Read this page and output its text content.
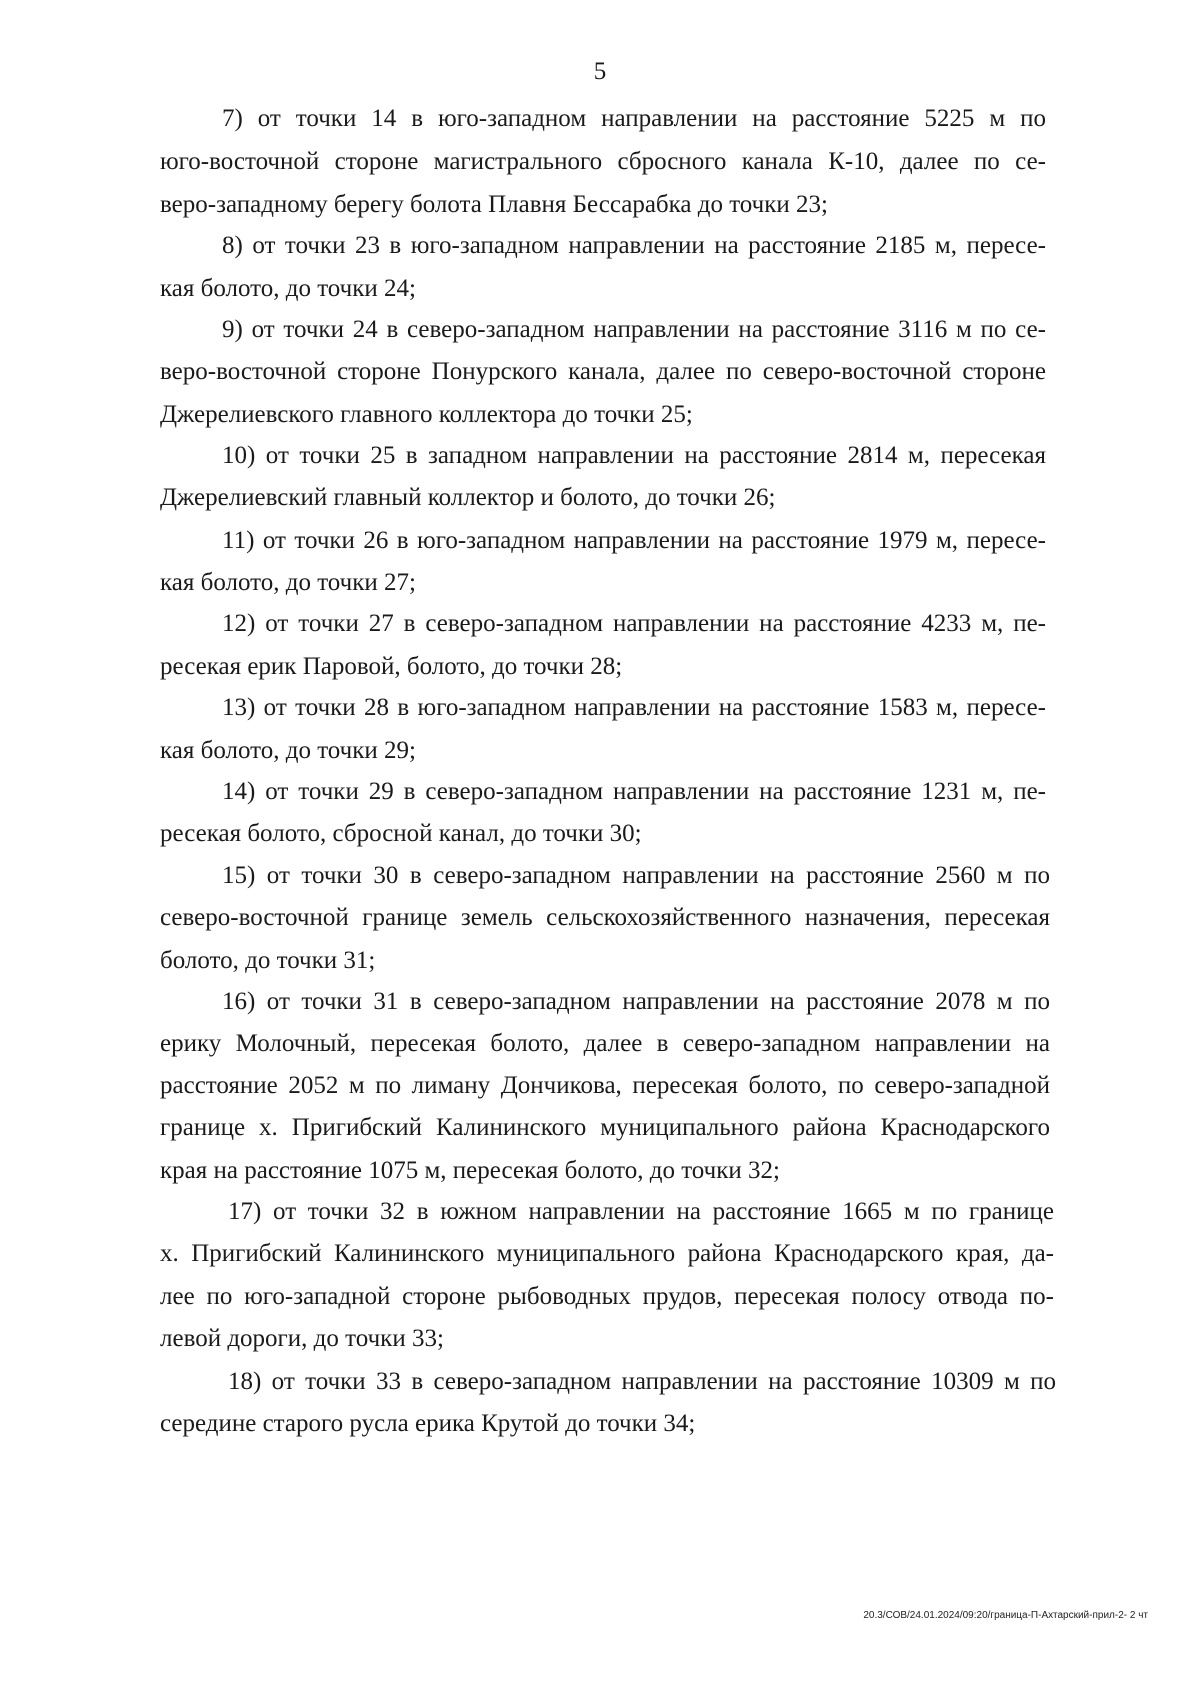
5
7) от точки 14 в юго-западном направлении на расстояние 5225 м по
юго-восточной стороне магистрального сбросного канала К-10, далее по се-
веро-западному берегу болота Плавня Бессарабка до точки 23;
8) от точки 23 в юго-западном направлении на расстояние 2185 м, пересе-
кая болото, до точки 24;
9) от точки 24 в северо-западном направлении на расстояние 3116 м по се-
веро-восточной стороне Понурского канала, далее по северо-восточной стороне
Джерелиевского главного коллектора до точки 25;
10) от точки 25 в западном направлении на расстояние 2814 м, пересекая
Джерелиевский главный коллектор и болото, до точки 26;
11) от точки 26 в юго-западном направлении на расстояние 1979 м, пересе-
кая болото, до точки 27;
12) от точки 27 в северо-западном направлении на расстояние 4233 м, пе-
ресекая ерик Паровой, болото, до точки 28;
13) от точки 28 в юго-западном направлении на расстояние 1583 м, пересе-
кая болото, до точки 29;
14) от точки 29 в северо-западном направлении на расстояние 1231 м, пе-
ресекая болото, сбросной канал, до точки 30;
15) от точки 30 в северо-западном направлении на расстояние 2560 м по
северо-восточной границе земель сельскохозяйственного назначения, пересекая
болото, до точки 31;
16) от точки 31 в северо-западном направлении на расстояние 2078 м по
ерику Молочный, пересекая болото, далее в северо-западном направлении на
расстояние 2052 м по лиману Дончикова, пересекая болото, по северо-западной
границе х. Пригибский Калининского муниципального района Краснодарского
края на расстояние 1075 м, пересекая болото, до точки 32;
17) от точки 32 в южном направлении на расстояние 1665 м по границе
х. Пригибский Калининского муниципального района Краснодарского края, да-
лее по юго-западной стороне рыбоводных прудов, пересекая полосу отвода по-
левой дороги, до точки 33;
18) от точки 33 в северо-западном направлении на расстояние 10309 м по
середине старого русла ерика Крутой до точки 34;
20.3/СОВ/24.01.2024/09:20/граница-П-Ахтарский-прил-2- 2 чт
